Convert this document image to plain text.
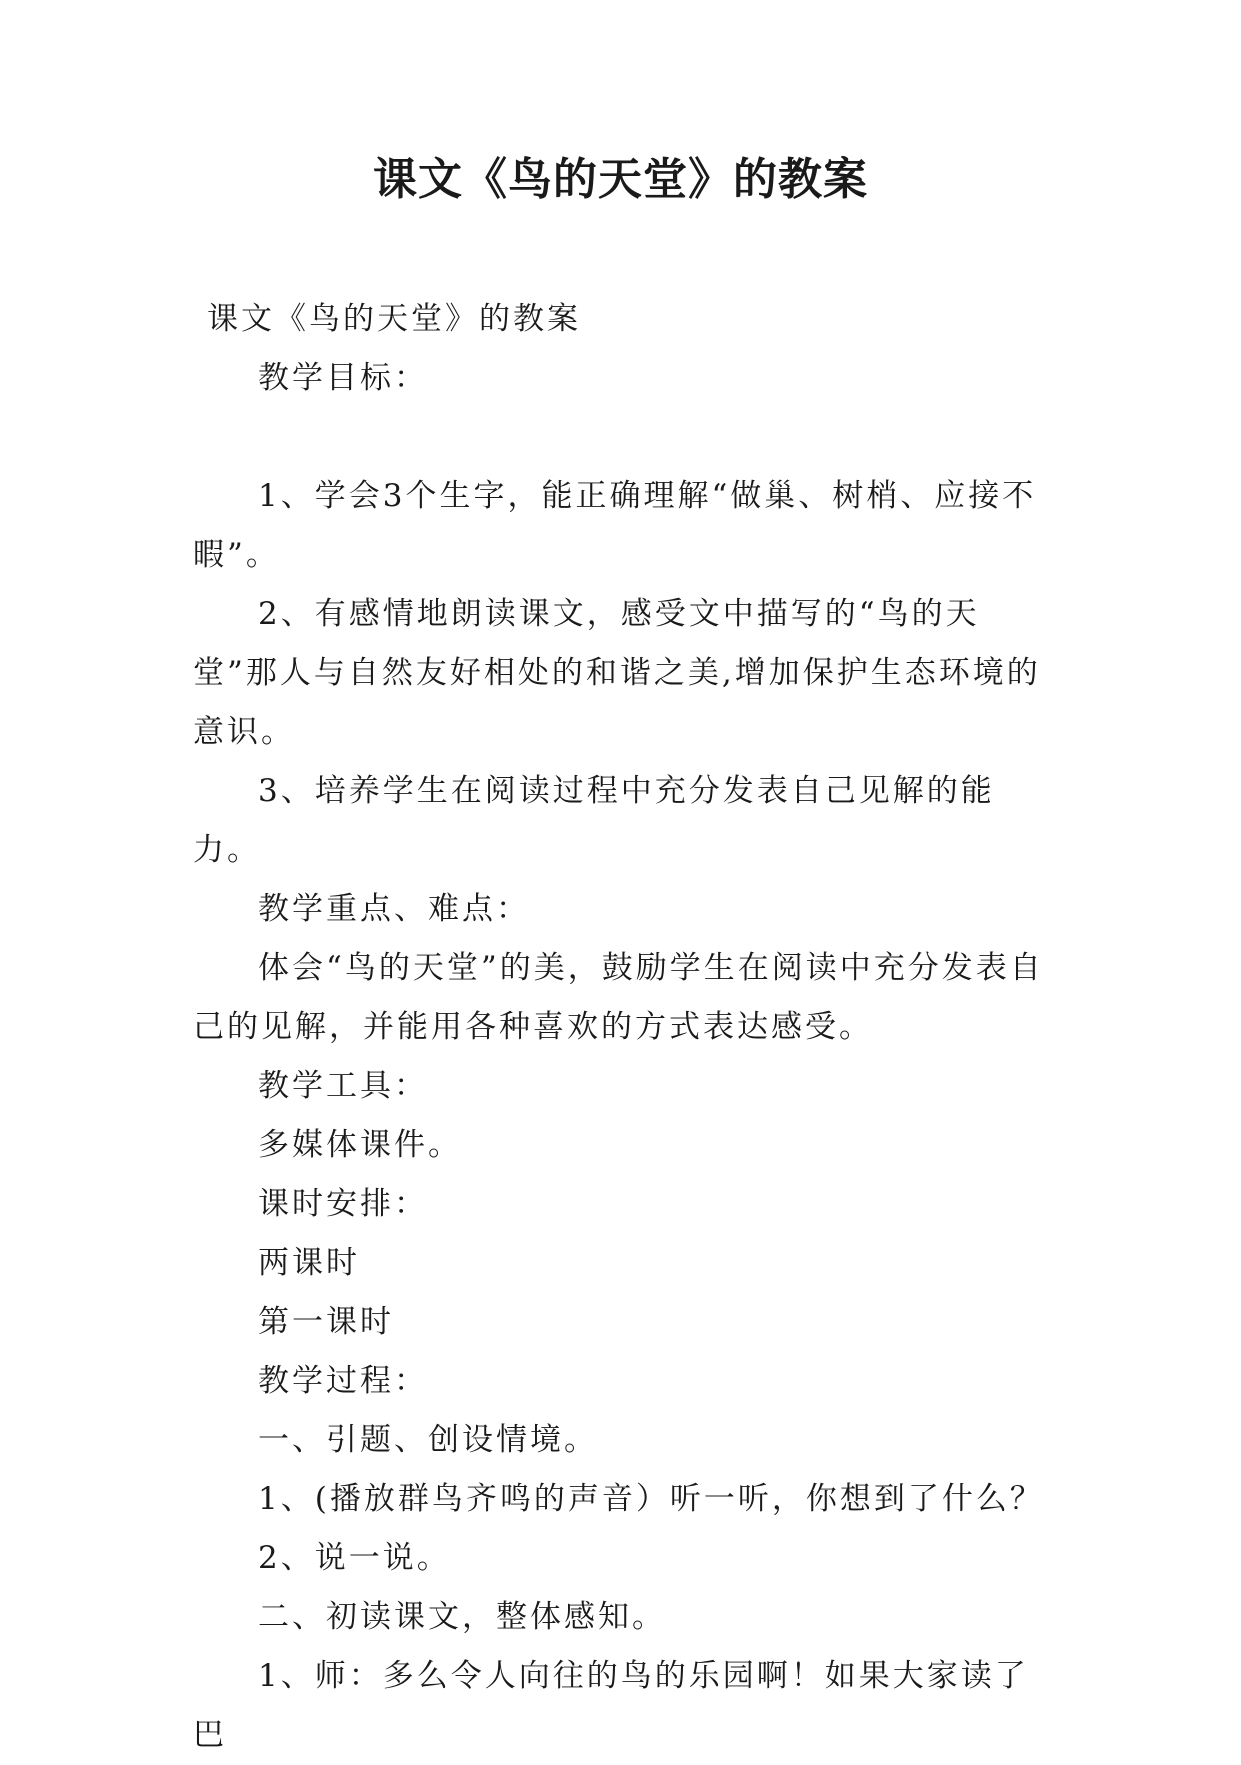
课文《鸟的天堂》的教案

课文《鸟的天堂》的教案

教学目标：

1、学会3个生字，能正确理解“做巢、树梢、应接不暇”。

2、有感情地朗读课文，感受文中描写的“鸟的天堂”那人与自然友好相处的和谐之美,增加保护生态环境的意识。

3、培养学生在阅读过程中充分发表自己见解的能力。

教学重点、难点：

体会“鸟的天堂”的美，鼓励学生在阅读中充分发表自己的见解，并能用各种喜欢的方式表达感受。

教学工具：

多媒体课件。

课时安排：

两课时

第一课时

教学过程：

一、引题、创设情境。

1、(播放群鸟齐鸣的声音）听一听，你想到了什么？

2、说一说。

二、初读课文，整体感知。

1、师：多么令人向往的鸟的乐园啊！如果大家读了巴
